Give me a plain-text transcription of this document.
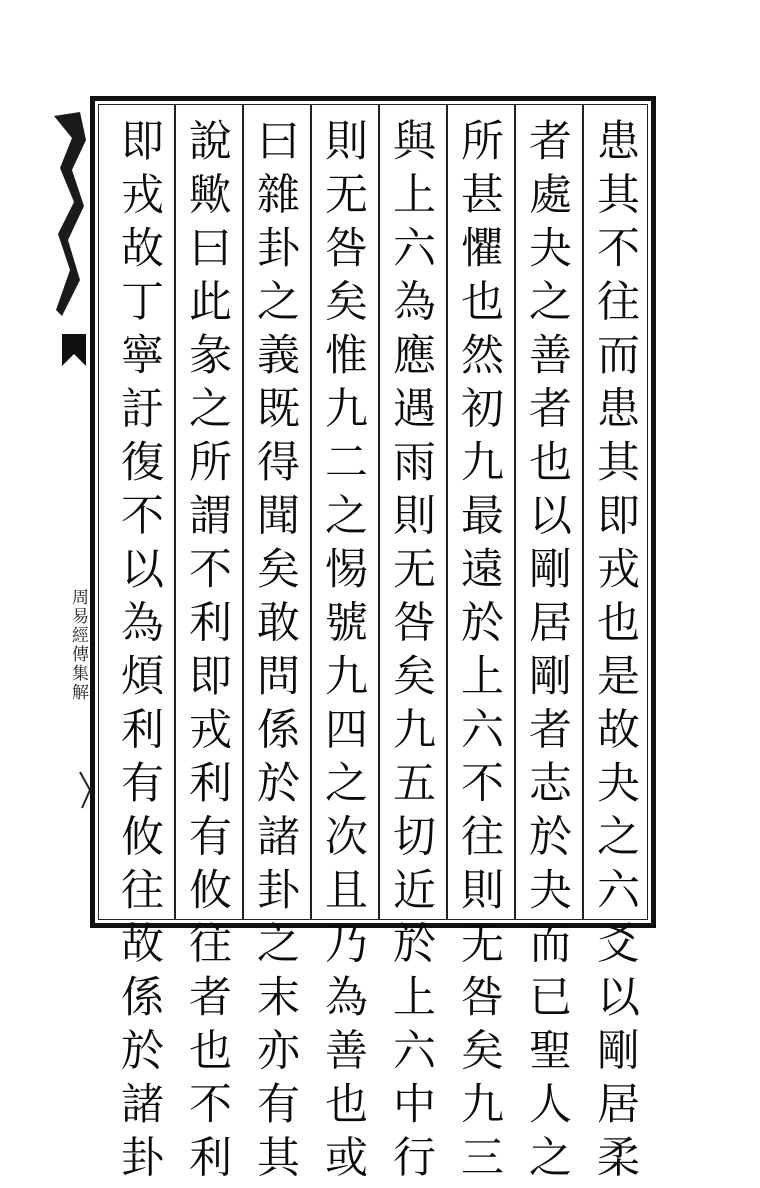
患其不往而患其即戎也是故夬之六爻以剛居柔
者處夬之善者也以剛居剛者志於夬而已聖人之
所甚懼也然初九最遠於上六不往則无咎矣九三
與上六為應遇雨則无咎矣九五切近於上六中行
則无咎矣惟九二之惕號九四之次且乃為善也或
曰雜卦之義既得聞矣敢問係於諸卦之末亦有其
說歟曰此彖之所謂不利即戎利有攸往者也不利
即戎故丁寧訏復不以為煩利有攸往故係於諸卦
周易經傳集解
